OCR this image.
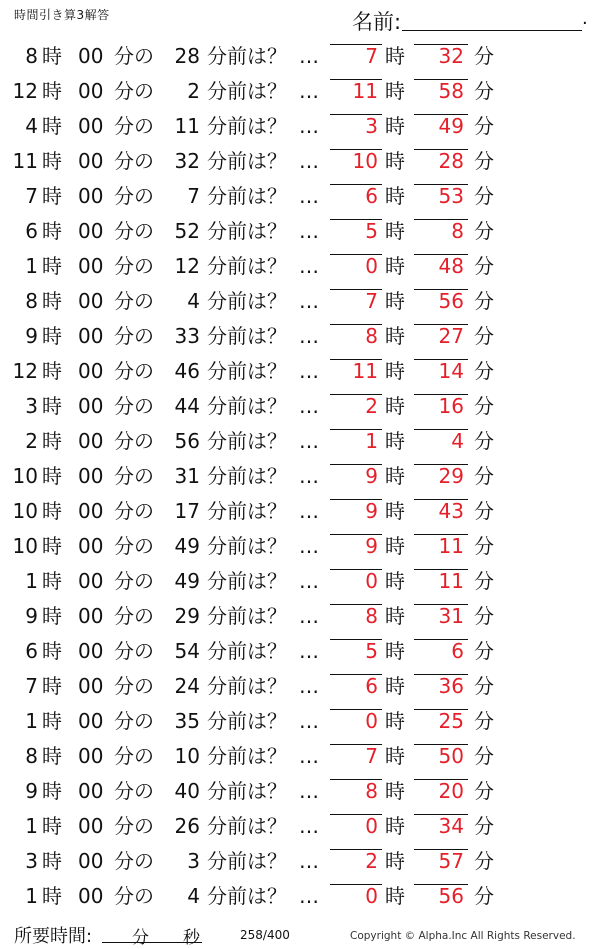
時間引き算3解答	名前:	.
8 時 00 分の	28 分前は？ …	7 時	32 分
12 時 00 分の	2 分前は？ …	11 時	58 分
4 時 00 分の	11 分前は？ …	3 時	49 分
11 時 00 分の	32 分前は？ …	10 時	28 分
7 時 00 分の	7 分前は？ …	6 時	53 分
6 時 00 分の	52 分前は？ …	5 時	8 分
1 時 00 分の	12 分前は？ …	0 時	48 分
8 時 00 分の	4 分前は？ …	7 時	56 分
9 時 00 分の	33 分前は？ …	8 時	27 分
12 時 00 分の	46 分前は？ …	11 時	14 分
3 時 00 分の	44 分前は？ …	2 時	16 分
2 時 00 分の	56 分前は？ …	1 時	4 分
10 時 00 分の	31 分前は？ …	9 時	29 分
10 時 00 分の	17 分前は？ …	9 時	43 分
10 時 00 分の	49 分前は？ …	9 時	11 分
1 時 00 分の	49 分前は？ …	0 時	11 分
9 時 00 分の	29 分前は？ …	8 時	31 分
6 時 00 分の	54 分前は？ …	5 時	6 分
7 時 00 分の	24 分前は？ …	6 時	36 分
1 時 00 分の	35 分前は？ …	0 時	25 分
8 時 00 分の	10 分前は？ …	7 時	50 分
9 時 00 分の	40 分前は？ …	8 時	20 分
1 時 00 分の	26 分前は？ …	0 時	34 分
3 時 00 分の	3 分前は？ …	2 時	57 分
1 時 00 分の	4 分前は？ …	0 時	56 分
所要時間: 分 秒	258/400	Copyright © Alpha.Inc All Rights Reserved.
